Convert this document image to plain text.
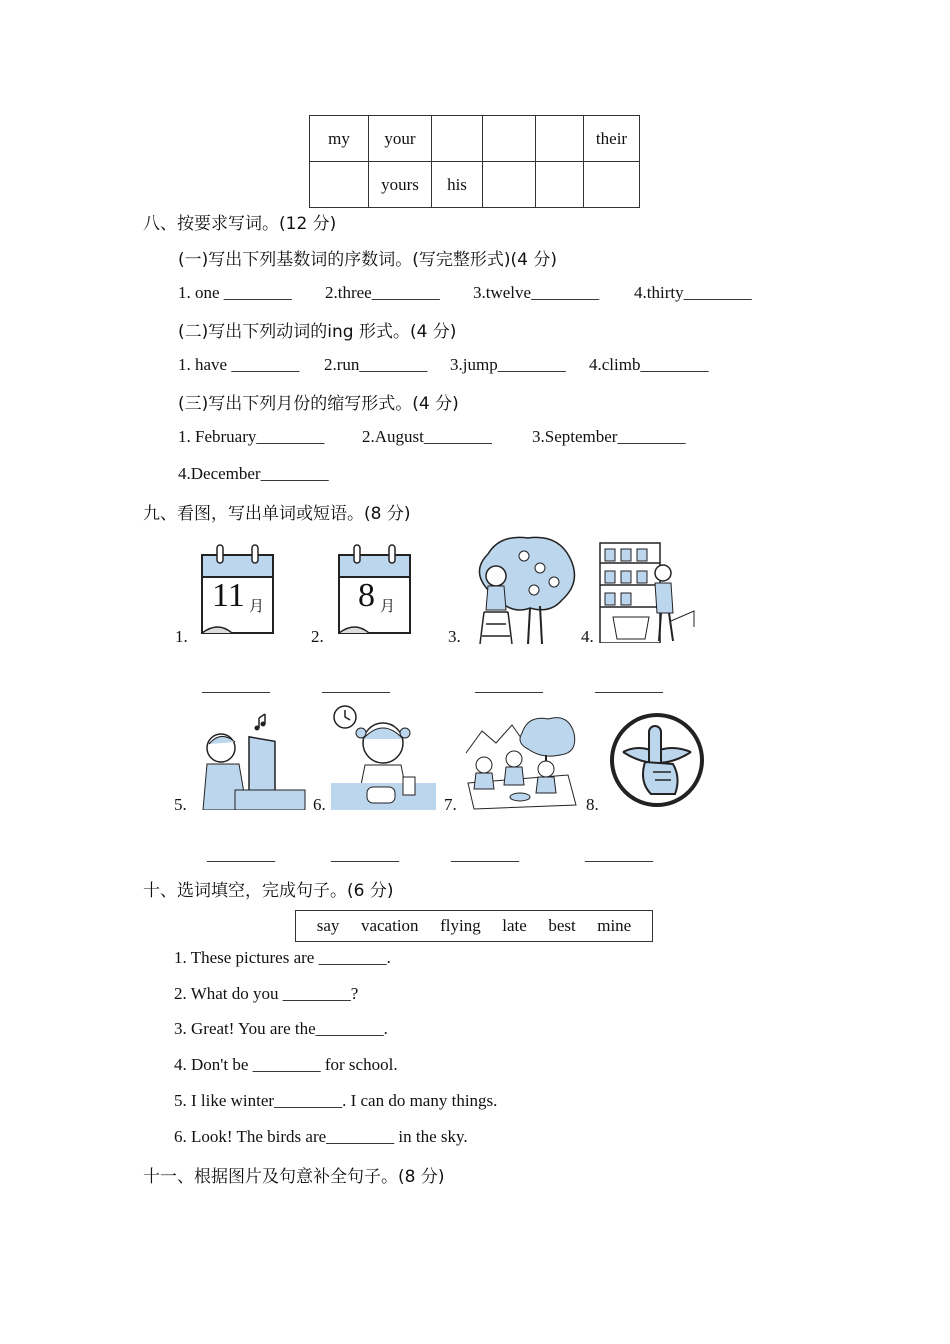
my	your				their
	yours	his			
八、按要求写词。(12 分)
(一)写出下列基数词的序数词。(写完整形式)(4 分)
1. one ________ 2.three________ 3.twelve________ 4.thirty________
(二)写出下列动词的ing 形式。(4 分)
1. have ________ 2.run________ 3.jump________ 4.climb________
(三)写出下列月份的缩写形式。(4 分)
1. February________ 2.August________ 3.September________
4.December________
九、看图，写出单词或短语。(8 分)
1.
11 月
2.
8 月
3.	4.
________	________	________	________
5.	6.	7.	8.
________	________	________	________
十、选词填空，完成句子。(6 分)
say vacation flying late best mine
1. These pictures are ________.
2. What do you ________?
3. Great! You are the________.
4. Don't be ________ for school.
5. I like winter________. I can do many things.
6. Look! The birds are________ in the sky.
十一、根据图片及句意补全句子。(8 分)
